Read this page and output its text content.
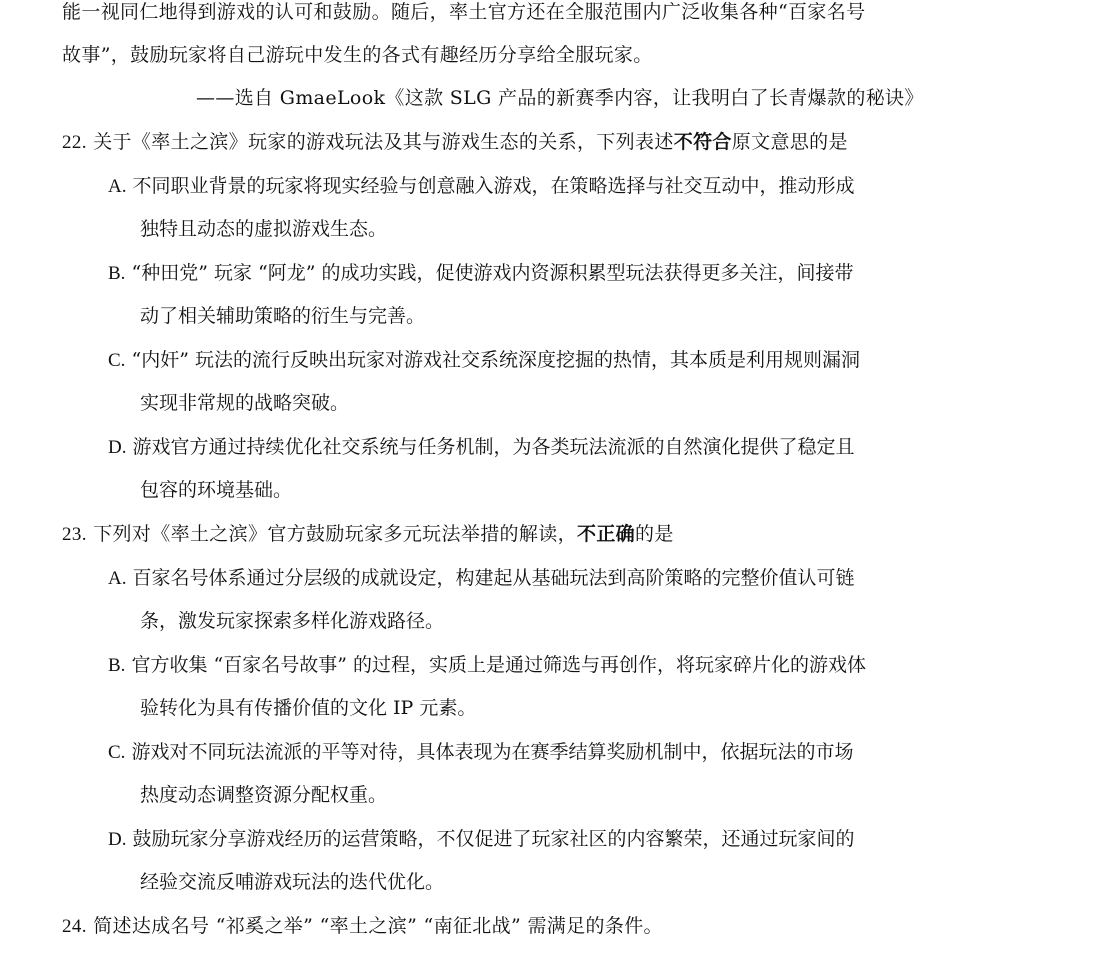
能一视同仁地得到游戏的认可和鼓励。随后，率土官方还在全服范围内广泛收集各种“百家名号
故事”，鼓励玩家将自己游玩中发生的各式有趣经历分享给全服玩家。
——选自 GmaeLook《这款 SLG 产品的新赛季内容，让我明白了长青爆款的秘诀》
22. 关于《率土之滨》玩家的游戏玩法及其与游戏生态的关系，下列表述不符合原文意思的是
A. 不同职业背景的玩家将现实经验与创意融入游戏，在策略选择与社交互动中，推动形成
独特且动态的虚拟游戏生态。
B. “种田党” 玩家 “阿龙” 的成功实践，促使游戏内资源积累型玩法获得更多关注，间接带
动了相关辅助策略的衍生与完善。
C. “内奸” 玩法的流行反映出玩家对游戏社交系统深度挖掘的热情，其本质是利用规则漏洞
实现非常规的战略突破。
D. 游戏官方通过持续优化社交系统与任务机制，为各类玩法流派的自然演化提供了稳定且
包容的环境基础。
23. 下列对《率土之滨》官方鼓励玩家多元玩法举措的解读，不正确的是
A. 百家名号体系通过分层级的成就设定，构建起从基础玩法到高阶策略的完整价值认可链
条，激发玩家探索多样化游戏路径。
B. 官方收集 “百家名号故事” 的过程，实质上是通过筛选与再创作，将玩家碎片化的游戏体
验转化为具有传播价值的文化 IP 元素。
C. 游戏对不同玩法流派的平等对待，具体表现为在赛季结算奖励机制中，依据玩法的市场
热度动态调整资源分配权重。
D. 鼓励玩家分享游戏经历的运营策略，不仅促进了玩家社区的内容繁荣，还通过玩家间的
经验交流反哺游戏玩法的迭代优化。
24. 简述达成名号 “祁奚之举” “率土之滨” “南征北战” 需满足的条件。
